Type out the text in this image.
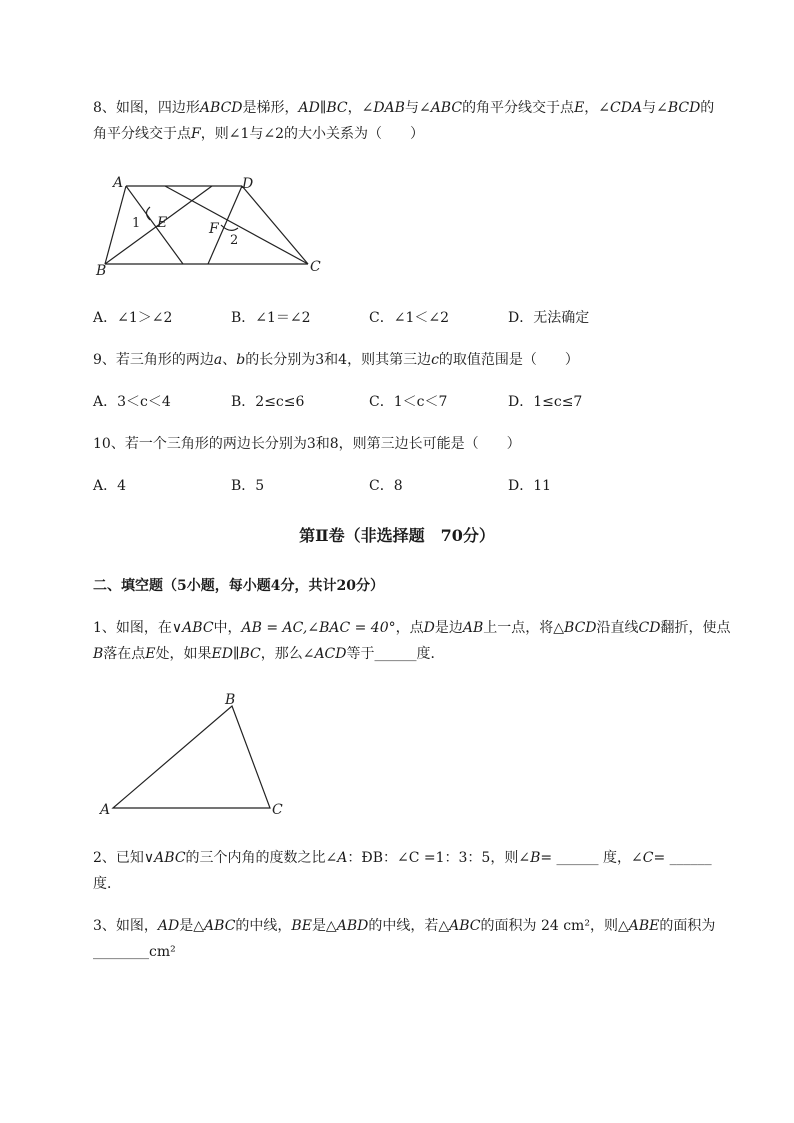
8、如图，四边形ABCD是梯形，AD∥BC，∠DAB与∠ABC的角平分线交于点E，∠CDA与∠BCD的
角平分线交于点F，则∠1与∠2的大小关系为（　　）
A	D
B	C
E	F
1
2
A．∠1＞∠2	B．∠1＝∠2	C．∠1＜∠2	D．无法确定
9、若三角形的两边a、b的长分别为3和4，则其第三边c的取值范围是（　　）
A．3＜c＜4	B．2≤c≤6	C．1＜c＜7	D．1≤c≤7
10、若一个三角形的两边长分别为3和8，则第三边长可能是（　　）
A．4	B．5	C．8	D．11
第Ⅱ卷（非选择题　70分）
二、填空题（5小题，每小题4分，共计20分）
1、如图，在∨ABC中，AB = AC,∠BAC = 40°，点D是边AB上一点，将△BCD沿直线CD翻折，使点
B落在点E处，如果ED∥BC，那么∠ACD等于______度．
A
B
C
2、已知∨ABC的三个内角的度数之比∠A：ÐB：∠C =1：3：5，则∠B= ______ 度，∠C= ______
度．
3、如图，AD是△ABC的中线，BE是△ABD的中线，若△ABC的面积为 24 cm²，则△ABE的面积为
________cm²
